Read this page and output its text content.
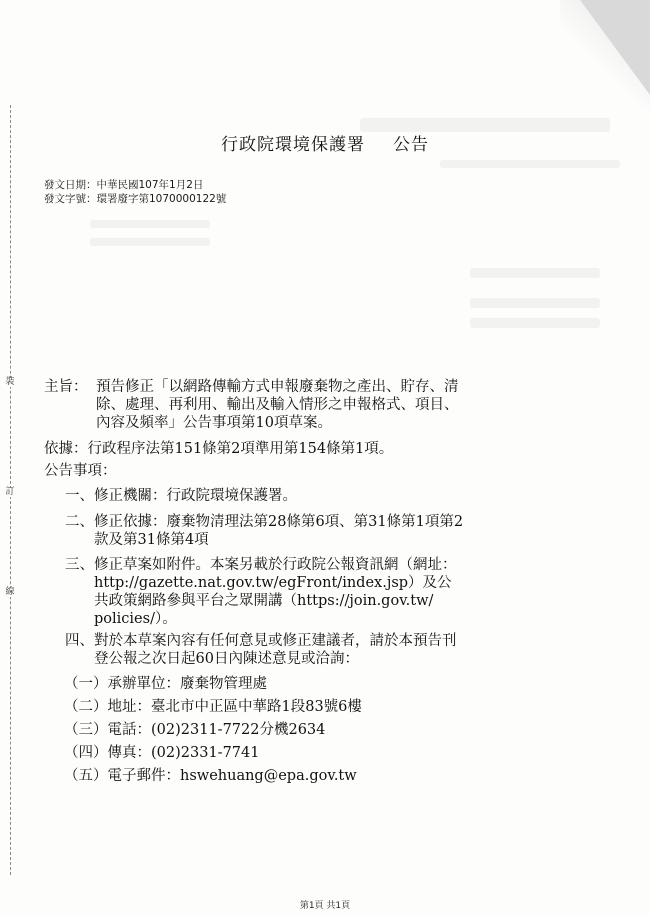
裝
訂
線
行政院環境保護署 公告
發文日期：中華民國107年1月2日
發文字號：環署廢字第1070000122號
主旨： 預告修正「以網路傳輸方式申報廢棄物之產出、貯存、清
除、處理、再利用、輸出及輸入情形之申報格式、項目、
內容及頻率」公告事項第10項草案。
依據： 行政程序法第151條第2項準用第154條第1項。
公告事項：
一、 修正機關：行政院環境保護署。
二、 修正依據：廢棄物清理法第28條第6項、第31條第1項第2
款及第31條第4項
三、 修正草案如附件。本案另載於行政院公報資訊網（網址：
http://gazette.nat.gov.tw/egFront/index.jsp）及公
共政策網路參與平台之眾開講（https://join.gov.tw/
policies/）。
四、 對於本草案內容有任何意見或修正建議者，請於本預告刊
登公報之次日起60日內陳述意見或洽詢：
（一） 承辦單位：廢棄物管理處
（二） 地址：臺北市中正區中華路1段83號6樓
（三） 電話：(02)2311-7722分機2634
（四） 傳真：(02)2331-7741
（五） 電子郵件：hswehuang@epa.gov.tw
第1頁 共1頁
